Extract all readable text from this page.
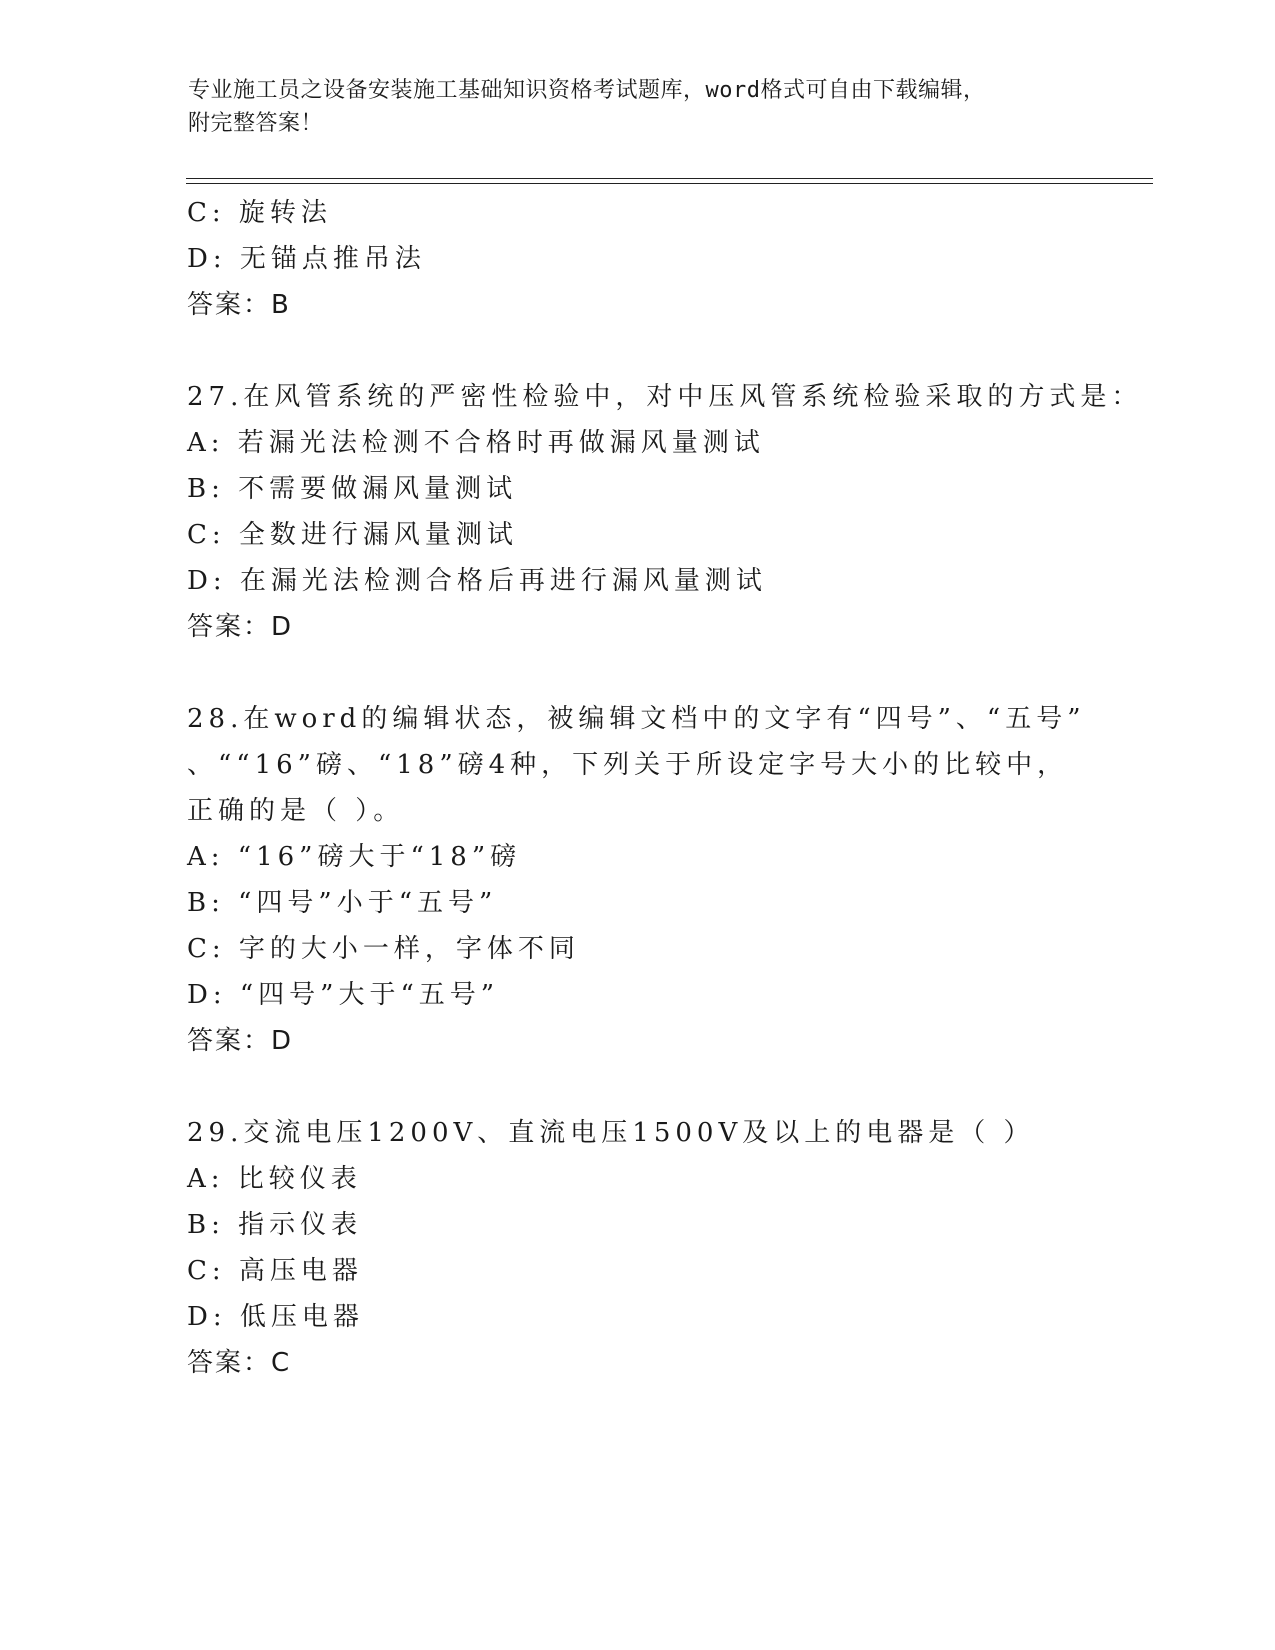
专业施工员之设备安装施工基础知识资格考试题库，word格式可自由下载编辑，
附完整答案！
C: 旋转法
D: 无锚点推吊法
答案：B
27.在风管系统的严密性检验中，对中压风管系统检验采取的方式是：
A: 若漏光法检测不合格时再做漏风量测试
B: 不需要做漏风量测试
C: 全数进行漏风量测试
D: 在漏光法检测合格后再进行漏风量测试
答案：D
28.在word的编辑状态，被编辑文档中的文字有“四号”、“五号”
、““16”磅、“18”磅4种，下列关于所设定字号大小的比较中，
正确的是（ ）。
A: “16”磅大于“18”磅
B: “四号”小于“五号”
C: 字的大小一样，字体不同
D: “四号”大于“五号”
答案：D
29.交流电压1200V、直流电压1500V及以上的电器是（ ）
A: 比较仪表
B: 指示仪表
C: 高压电器
D: 低压电器
答案：C
